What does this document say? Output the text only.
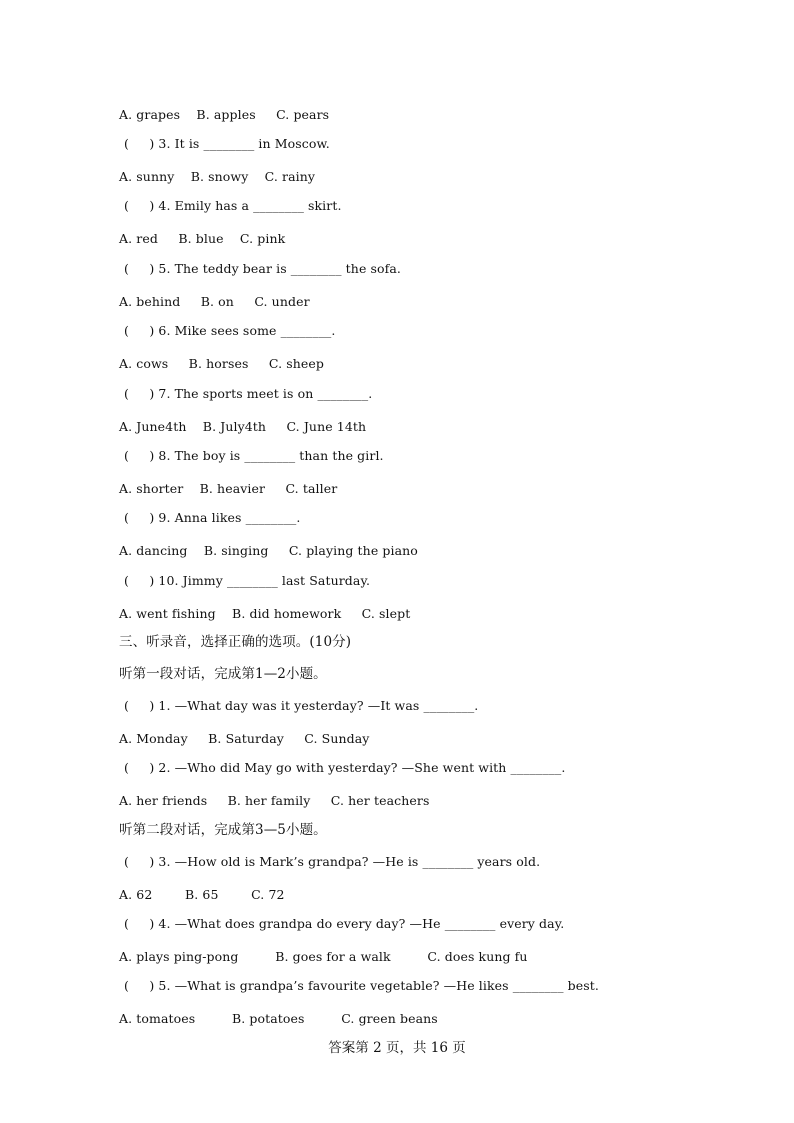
A. grapes    B. apples     C. pears
(     ) 3. It is ________ in Moscow.
A. sunny    B. snowy    C. rainy
(     ) 4. Emily has a ________ skirt.
A. red     B. blue    C. pink
(     ) 5. The teddy bear is ________ the sofa.
A. behind     B. on     C. under
(     ) 6. Mike sees some ________.
A. cows     B. horses     C. sheep
(     ) 7. The sports meet is on ________.
A. June4th    B. July4th     C. June 14th
(     ) 8. The boy is ________ than the girl.
A. shorter    B. heavier     C. taller
(     ) 9. Anna likes ________.
A. dancing    B. singing     C. playing the piano
(     ) 10. Jimmy ________ last Saturday.
A. went fishing    B. did homework     C. slept
三、听录音，选择正确的选项。(10分)
听第一段对话，完成第1—2小题。
(     ) 1. —What day was it yesterday? —It was ________.
A. Monday     B. Saturday     C. Sunday
(     ) 2. —Who did May go with yesterday? —She went with ________.
A. her friends     B. her family     C. her teachers
听第二段对话，完成第3—5小题。
(     ) 3. —How old is Mark’s grandpa? —He is ________ years old.
A. 62        B. 65        C. 72
(     ) 4. —What does grandpa do every day? —He ________ every day.
A. plays ping-pong         B. goes for a walk         C. does kung fu
(     ) 5. —What is grandpa’s favourite vegetable? —He likes ________ best.
A. tomatoes         B. potatoes         C. green beans
答案第 2 页，共 16 页
